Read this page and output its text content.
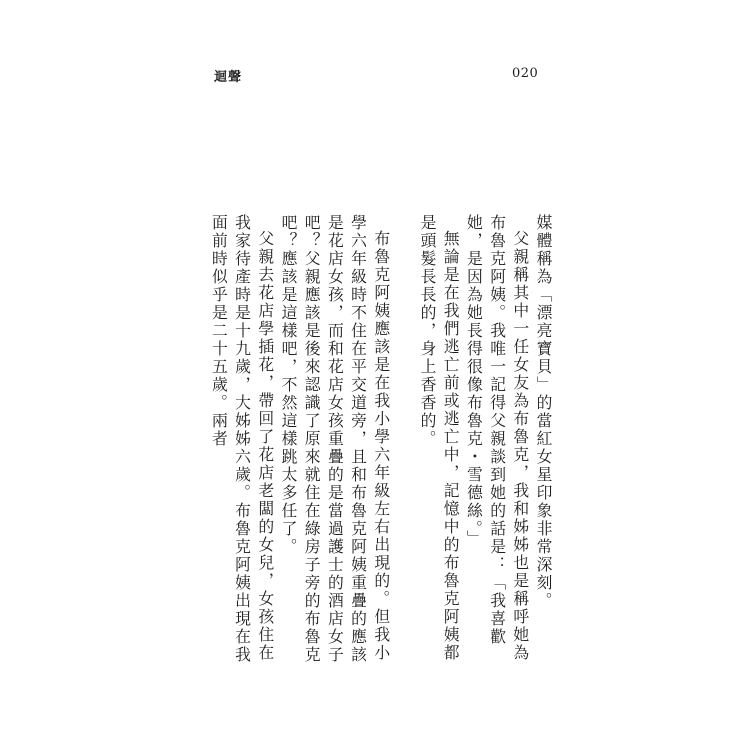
迴聲	020

媒體稱為「漂亮寶貝」的當紅女星印象非常深刻。

父親稱其中一任女友為布魯克，我和姊姊也是稱呼她為布魯克阿姨。我唯一記得父親談到她的話是：「我喜歡她，是因為她長得很像布魯克・雪德絲。」

無論是在我們逃亡前或逃亡中，記憶中的布魯克阿姨都是頭髮長長的，身上香香的。

布魯克阿姨應該是在我小學六年級左右出現的。但我小學六年級時不住在平交道旁，且和布魯克阿姨重疊的應該是花店女孩，而和花店女孩重疊的是當過護士的酒店女子吧？父親應該是後來認識了原來就住在綠房子旁的布魯克吧？應該是這樣吧，不然這樣跳太多任了。

父親去花店學插花，帶回了花店老闆的女兒，女孩住在我家待產時是十九歲，大姊姊六歲。布魯克阿姨出現在我面前時似乎是二十五歲。兩者
